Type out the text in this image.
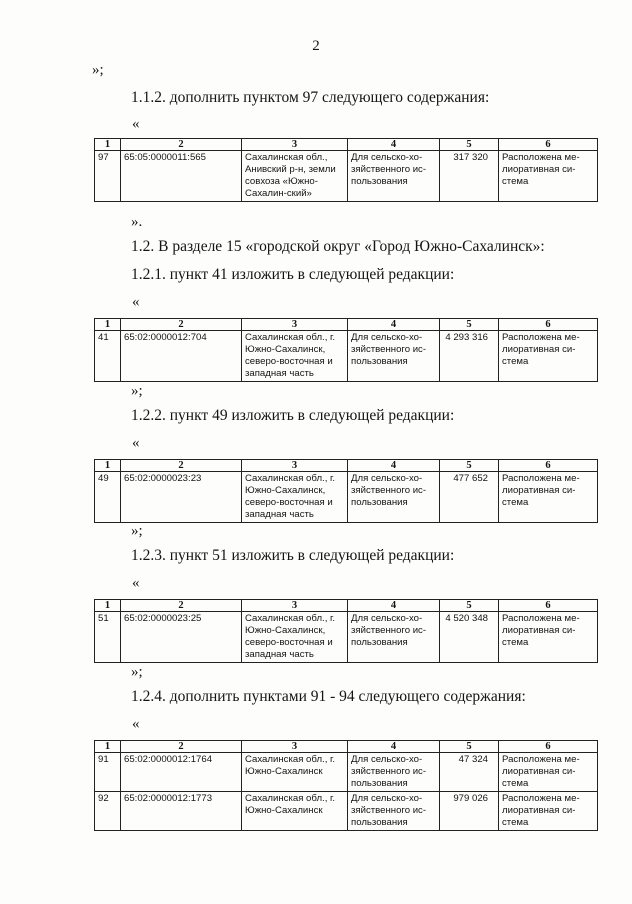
2
»;
1.1.2. дополнить пунктом 97 следующего содержания:
«
1	2	3	4	5	6
97	65:05:0000011:565	Сахалинская обл., Анивский р-н, земли совхоза «Южно-Сахалин-ский»	Для сельско-хо-зяйственного ис-пользования	317 320	Расположена ме-лиоративная си-стема
».
1.2. В разделе 15 «городской округ «Город Южно-Сахалинск»:
1.2.1. пункт 41 изложить в следующей редакции:
«
1	2	3	4	5	6
41	65:02:0000012:704	Сахалинская обл., г. Южно-Сахалинск, северо-восточная и западная часть	Для сельско-хо-зяйственного ис-пользования	4 293 316	Расположена ме-лиоративная си-стема
»;
1.2.2. пункт 49 изложить в следующей редакции:
«
1	2	3	4	5	6
49	65:02:0000023:23	Сахалинская обл., г. Южно-Сахалинск, северо-восточная и западная часть	Для сельско-хо-зяйственного ис-пользования	477 652	Расположена ме-лиоративная си-стема
»;
1.2.3. пункт 51 изложить в следующей редакции:
«
1	2	3	4	5	6
51	65:02:0000023:25	Сахалинская обл., г. Южно-Сахалинск, северо-восточная и западная часть	Для сельско-хо-зяйственного ис-пользования	4 520 348	Расположена ме-лиоративная си-стема
»;
1.2.4. дополнить пунктами 91 - 94 следующего содержания:
«
1	2	3	4	5	6
91	65:02:0000012:1764	Сахалинская обл., г. Южно-Сахалинск	Для сельско-хо-зяйственного ис-пользования	47 324	Расположена ме-лиоративная си-стема
92	65:02:0000012:1773	Сахалинская обл., г. Южно-Сахалинск	Для сельско-хо-зяйственного ис-пользования	979 026	Расположена ме-лиоративная си-стема
